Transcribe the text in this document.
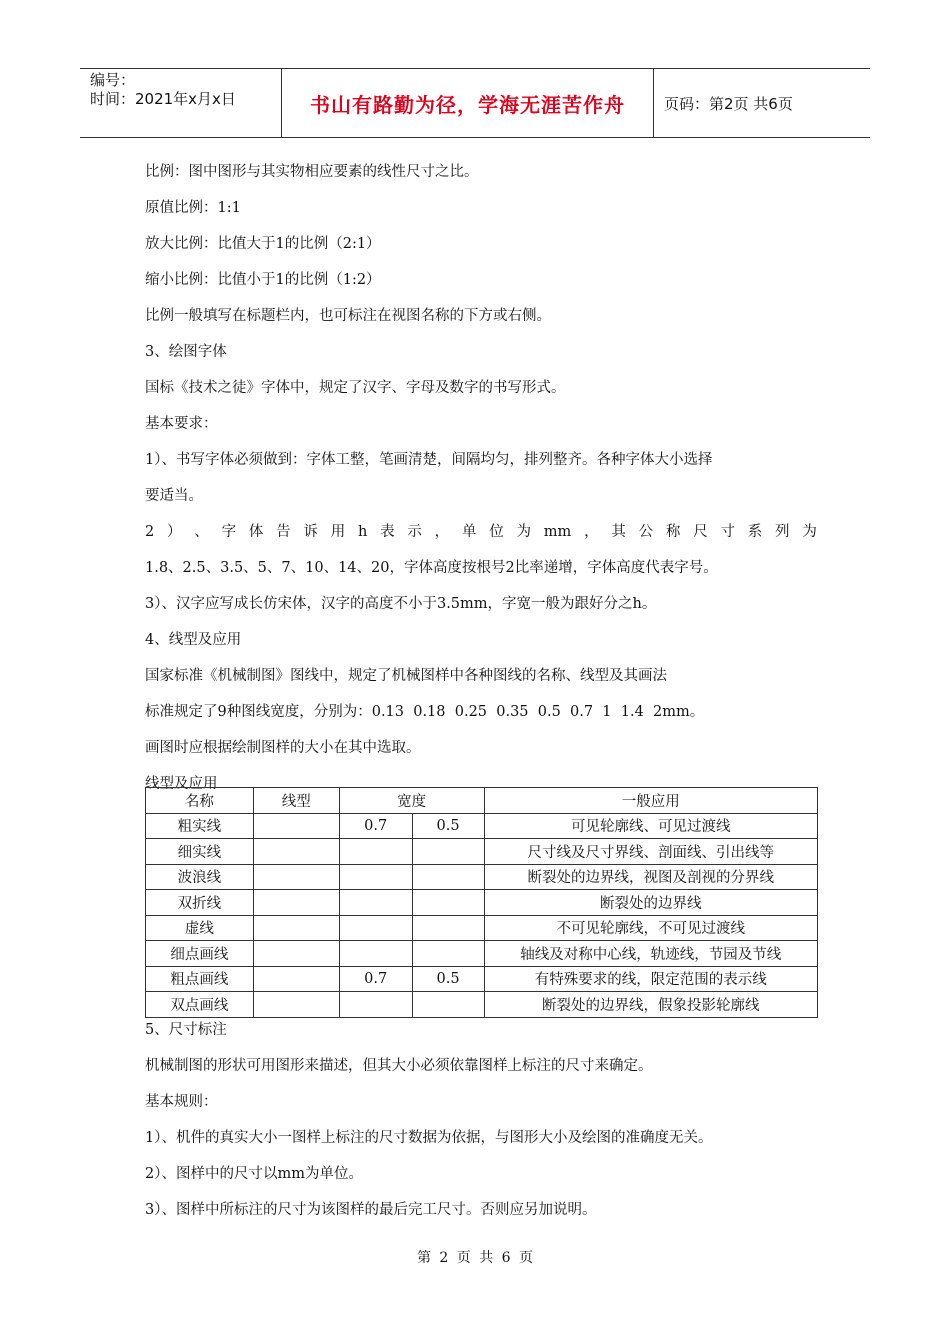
编号：
时间：2021年x月x日	书山有路勤为径，学海无涯苦作舟	页码：第2页 共6页
比例：图中图形与其实物相应要素的线性尺寸之比。
原值比例：1:1
放大比例：比值大于1的比例（2:1）
缩小比例：比值小于1的比例（1:2）
比例一般填写在标题栏内，也可标注在视图名称的下方或右侧。
3、绘图字体
国标《技术之徒》字体中，规定了汉字、字母及数字的书写形式。
基本要求：
1）、书写字体必须做到：字体工整，笔画清楚，间隔均匀，排列整齐。各种字体大小选择
要适当。
2 ） 、 字 体 告 诉 用 h 表 示 ， 单 位 为 mm ， 其 公 称 尺 寸 系 列 为
1.8、2.5、3.5、5、7、10、14、20，字体高度按根号2比率递增，字体高度代表字号。
3）、汉字应写成长仿宋体，汉字的高度不小于3.5mm，字宽一般为跟好分之h。
4、线型及应用
国家标准《机械制图》图线中，规定了机械图样中各种图线的名称、线型及其画法
标准规定了9种图线宽度，分别为：0.13  0.18  0.25  0.35  0.5  0.7  1  1.4  2mm。
画图时应根据绘制图样的大小在其中选取。
线型及应用
名称	线型	宽度		一般应用
粗实线		0.7	0.5	可见轮廓线、可见过渡线
细实线				尺寸线及尺寸界线、剖面线、引出线等
波浪线				断裂处的边界线，视图及剖视的分界线
双折线				断裂处的边界线
虚线				不可见轮廓线，不可见过渡线
细点画线				轴线及对称中心线，轨迹线，节园及节线
粗点画线		0.7	0.5	有特殊要求的线，限定范围的表示线
双点画线				断裂处的边界线，假象投影轮廓线
5、尺寸标注
机械制图的形状可用图形来描述，但其大小必须依靠图样上标注的尺寸来确定。
基本规则：
1）、机件的真实大小一图样上标注的尺寸数据为依据，与图形大小及绘图的准确度无关。
2）、图样中的尺寸以mm为单位。
3）、图样中所标注的尺寸为该图样的最后完工尺寸。否则应另加说明。
第 2 页 共 6 页
